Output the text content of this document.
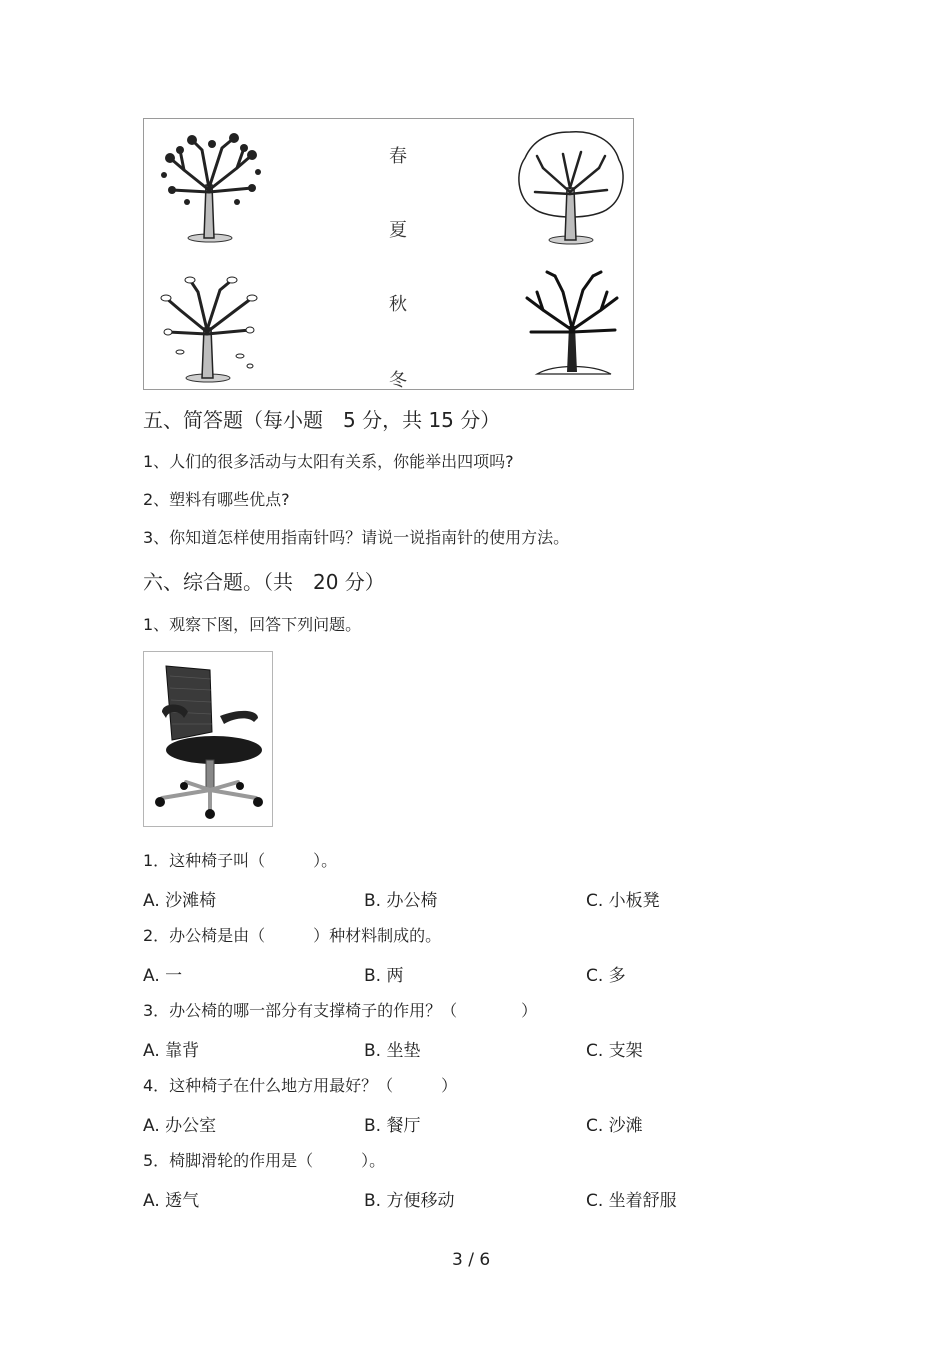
春
夏
秋
冬
五、简答题（每小题　5 分，共 15 分）
1、人们的很多活动与太阳有关系，你能举出四项吗?
2、塑料有哪些优点?
3、你知道怎样使用指南针吗？请说一说指南针的使用方法。
六、综合题。（共　20 分）
1、观察下图，回答下列问题。
1．这种椅子叫（　　　）。
A. 沙滩椅	B. 办公椅	C. 小板凳
2．办公椅是由（　　　）种材料制成的。
A. 一	B. 两	C. 多
3．办公椅的哪一部分有支撑椅子的作用？（　　　　）
A. 靠背	B. 坐垫	C. 支架
4．这种椅子在什么地方用最好？（　　　）
A. 办公室	B. 餐厅	C. 沙滩
5．椅脚滑轮的作用是（　　　）。
A. 透气	B. 方便移动	C. 坐着舒服
3 / 6
